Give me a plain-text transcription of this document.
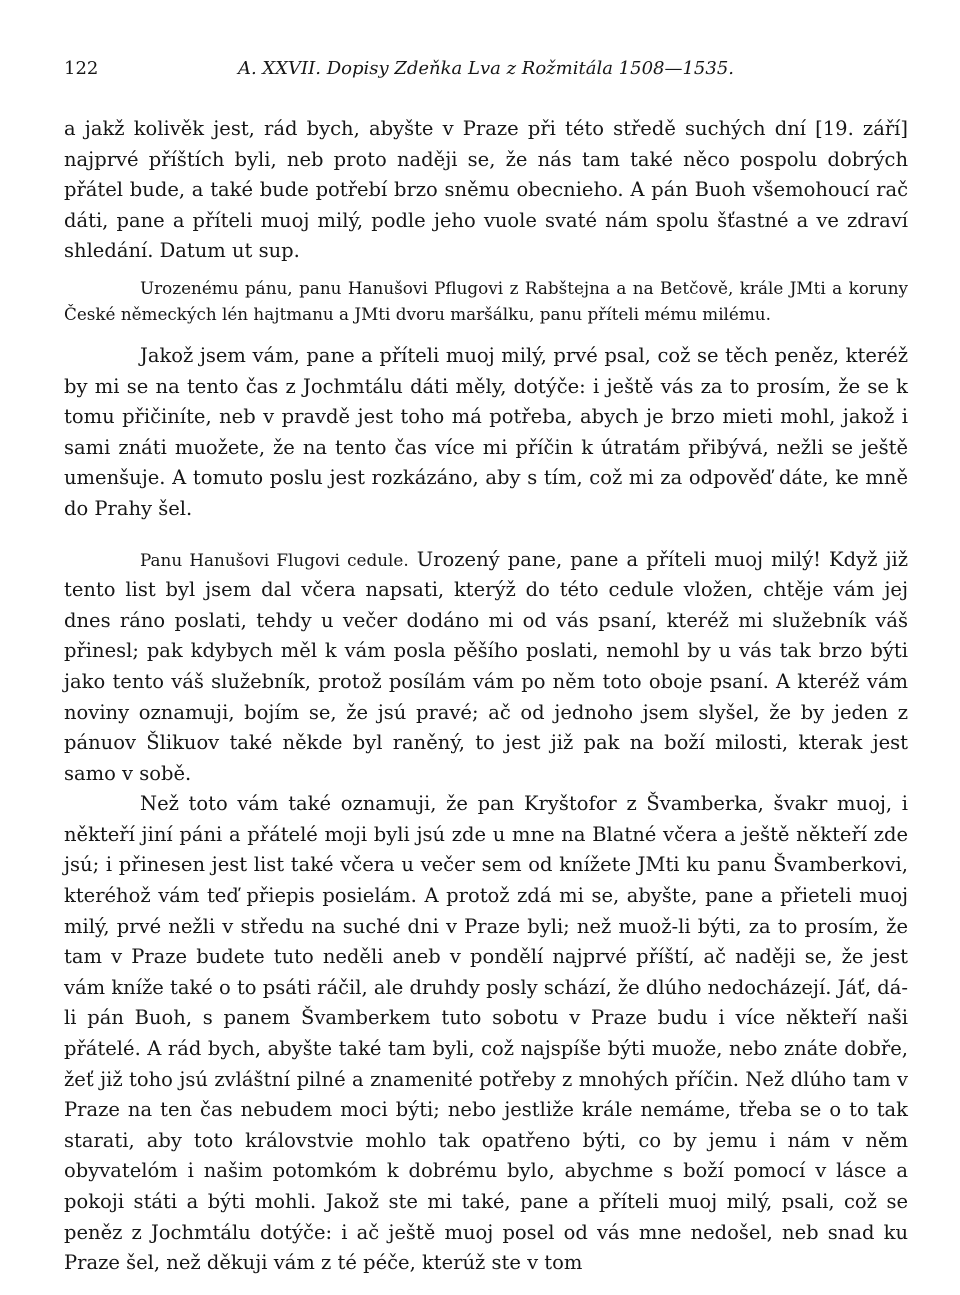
122	A. XXVII. Dopisy Zdeňka Lva z Rožmitála 1508—1535.

a jakž kolivěk jest, rád bych, abyšte v Praze při této středě suchých dní [19. září] najprvé příštích byli, neb proto naději se, že nás tam také něco pospolu dobrých přátel bude, a také bude potřebí brzo sněmu obecnieho. A pán Buoh všemohoucí rač dáti, pane a příteli muoj milý, podle jeho vuole svaté nám spolu šťastné a ve zdraví shledání. Datum ut sup.

Urozenému pánu, panu Hanušovi Pflugovi z Rabštejna a na Betčově, krále JMti a koruny České německých lén hajtmanu a JMti dvoru maršálku, panu příteli mému milému.

Jakož jsem vám, pane a příteli muoj milý, prvé psal, což se těch peněz, kteréž by mi se na tento čas z Jochmtálu dáti měly, dotýče: i ještě vás za to prosím, že se k tomu přičiníte, neb v pravdě jest toho má potřeba, abych je brzo mieti mohl, jakož i sami znáti muožete, že na tento čas více mi příčin k útratám přibývá, nežli se ještě umenšuje. A tomuto poslu jest rozkázáno, aby s tím, což mi za odpověď dáte, ke mně do Prahy šel.

Panu Hanušovi Flugovi cedule. Urozený pane, pane a příteli muoj milý! Když již tento list byl jsem dal včera napsati, kterýž do této cedule vložen, chtěje vám jej dnes ráno poslati, tehdy u večer dodáno mi od vás psaní, kteréž mi služebník váš přinesl; pak kdybych měl k vám posla pěšího poslati, nemohl by u vás tak brzo býti jako tento váš služebník, protož posílám vám po něm toto oboje psaní. A kteréž vám noviny oznamuji, bojím se, že jsú pravé; ač od jednoho jsem slyšel, že by jeden z pánuov Šlikuov také někde byl raněný, to jest již pak na boží milosti, kterak jest samo v sobě.

Než toto vám také oznamuji, že pan Kryštofor z Švamberka, švakr muoj, i někteří jiní páni a přátelé moji byli jsú zde u mne na Blatné včera a ještě někteří zde jsú; i přinesen jest list také včera u večer sem od knížete JMti ku panu Švamberkovi, kteréhož vám teď přiepis posielám. A protož zdá mi se, abyšte, pane a přieteli muoj milý, prvé nežli v středu na suché dni v Praze byli; než muož-li býti, za to prosím, že tam v Praze budete tuto neděli aneb v pondělí najprvé příští, ač naději se, že jest vám kníže také o to psáti ráčil, ale druhdy posly schází, že dlúho nedocházejí. Jáť, dá-li pán Buoh, s panem Švamberkem tuto sobotu v Praze budu i více někteří naši přátelé. A rád bych, abyšte také tam byli, což najspíše býti muože, nebo znáte dobře, žeť již toho jsú zvláštní pilné a znamenité potřeby z mnohých příčin. Než dlúho tam v Praze na ten čas nebudem moci býti; nebo jestliže krále nemáme, třeba se o to tak starati, aby toto královstvie mohlo tak opatřeno býti, co by jemu i nám v něm obyvatelóm i našim potomkóm k dobrému bylo, abychme s boží pomocí v lásce a pokoji státi a býti mohli. Jakož ste mi také, pane a příteli muoj milý, psali, což se peněz z Jochmtálu dotýče: i ač ještě muoj posel od vás mne nedošel, neb snad ku Praze šel, než děkuji vám z té péče, kterúž ste v tom
